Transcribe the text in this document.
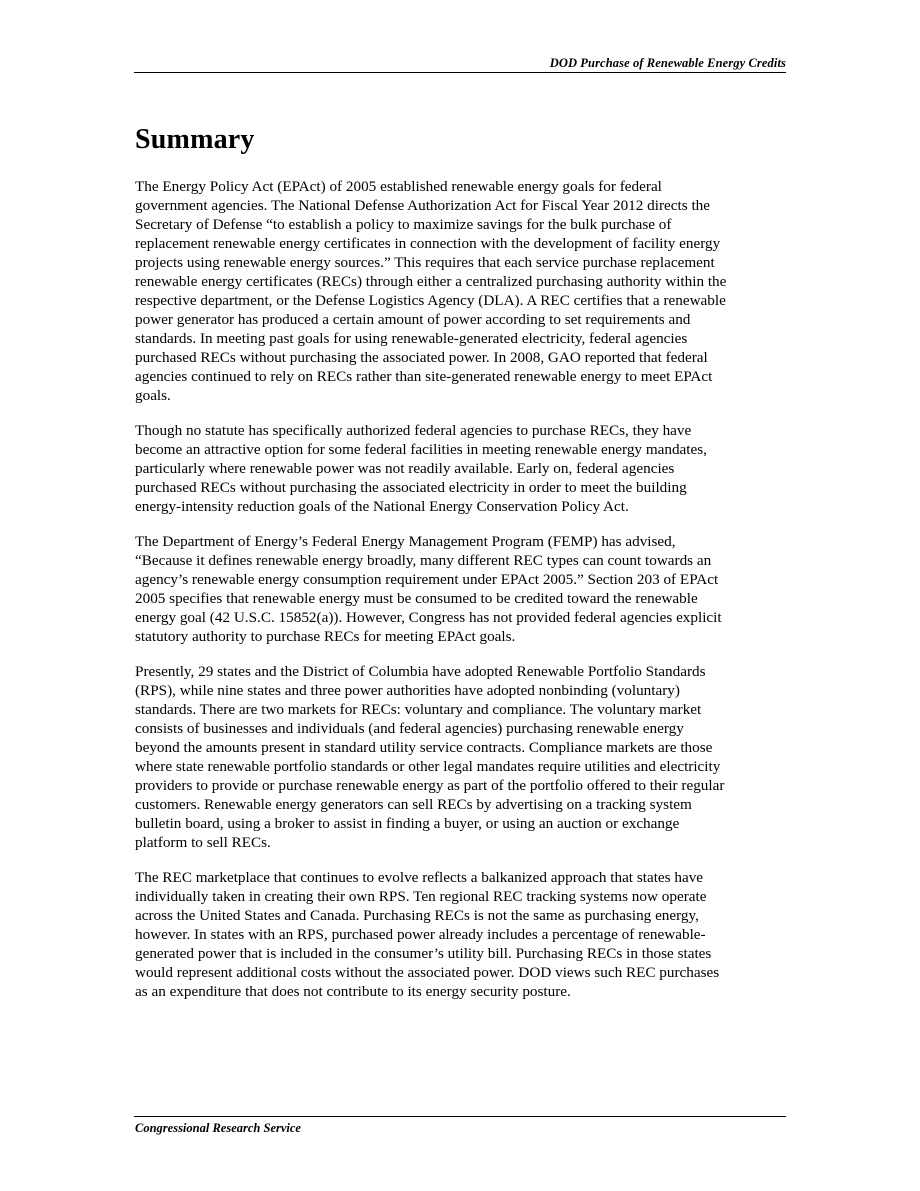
DOD Purchase of Renewable Energy Credits
Summary

The Energy Policy Act (EPAct) of 2005 established renewable energy goals for federal
government agencies. The National Defense Authorization Act for Fiscal Year 2012 directs the
Secretary of Defense “to establish a policy to maximize savings for the bulk purchase of
replacement renewable energy certificates in connection with the development of facility energy
projects using renewable energy sources.” This requires that each service purchase replacement
renewable energy certificates (RECs) through either a centralized purchasing authority within the
respective department, or the Defense Logistics Agency (DLA). A REC certifies that a renewable
power generator has produced a certain amount of power according to set requirements and
standards. In meeting past goals for using renewable-generated electricity, federal agencies
purchased RECs without purchasing the associated power. In 2008, GAO reported that federal
agencies continued to rely on RECs rather than site-generated renewable energy to meet EPAct
goals.

Though no statute has specifically authorized federal agencies to purchase RECs, they have
become an attractive option for some federal facilities in meeting renewable energy mandates,
particularly where renewable power was not readily available. Early on, federal agencies
purchased RECs without purchasing the associated electricity in order to meet the building
energy-intensity reduction goals of the National Energy Conservation Policy Act.

The Department of Energy’s Federal Energy Management Program (FEMP) has advised,
“Because it defines renewable energy broadly, many different REC types can count towards an
agency’s renewable energy consumption requirement under EPAct 2005.” Section 203 of EPAct
2005 specifies that renewable energy must be consumed to be credited toward the renewable
energy goal (42 U.S.C. 15852(a)). However, Congress has not provided federal agencies explicit
statutory authority to purchase RECs for meeting EPAct goals.

Presently, 29 states and the District of Columbia have adopted Renewable Portfolio Standards
(RPS), while nine states and three power authorities have adopted nonbinding (voluntary)
standards. There are two markets for RECs: voluntary and compliance. The voluntary market
consists of businesses and individuals (and federal agencies) purchasing renewable energy
beyond the amounts present in standard utility service contracts. Compliance markets are those
where state renewable portfolio standards or other legal mandates require utilities and electricity
providers to provide or purchase renewable energy as part of the portfolio offered to their regular
customers. Renewable energy generators can sell RECs by advertising on a tracking system
bulletin board, using a broker to assist in finding a buyer, or using an auction or exchange
platform to sell RECs.

The REC marketplace that continues to evolve reflects a balkanized approach that states have
individually taken in creating their own RPS. Ten regional REC tracking systems now operate
across the United States and Canada. Purchasing RECs is not the same as purchasing energy,
however. In states with an RPS, purchased power already includes a percentage of renewable-
generated power that is included in the consumer’s utility bill. Purchasing RECs in those states
would represent additional costs without the associated power. DOD views such REC purchases
as an expenditure that does not contribute to its energy security posture.

Congressional Research Service
